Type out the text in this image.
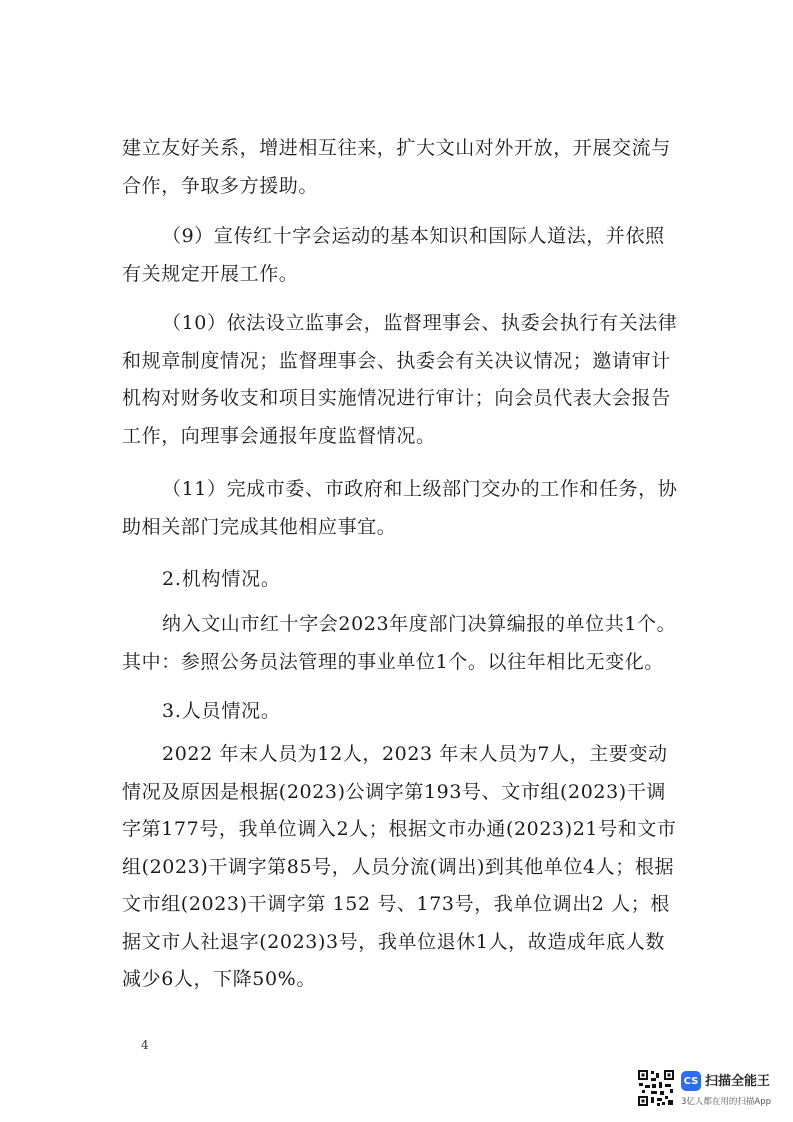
建立友好关系，增进相互往来，扩大文山对外开放，开展交流与合作，争取多方援助。

（9）宣传红十字会运动的基本知识和国际人道法，并依照有关规定开展工作。

（10）依法设立监事会，监督理事会、执委会执行有关法律和规章制度情况；监督理事会、执委会有关决议情况；邀请审计机构对财务收支和项目实施情况进行审计；向会员代表大会报告工作，向理事会通报年度监督情况。

（11）完成市委、市政府和上级部门交办的工作和任务，协助相关部门完成其他相应事宜。

2.机构情况。

纳入文山市红十字会2023年度部门决算编报的单位共1个。其中：参照公务员法管理的事业单位1个。以往年相比无变化。

3.人员情况。

2022 年末人员为12人，2023 年末人员为7人，主要变动情况及原因是根据(2023)公调字第193号、文市组(2023)干调字第177号，我单位调入2人；根据文市办通(2023)21号和文市组(2023)干调字第85号，人员分流(调出)到其他单位4人；根据文市组(2023)干调字第 152 号、173号，我单位调出2 人；根据文市人社退字(2023)3号，我单位退休1人，故造成年底人数减少6人，下降50%。

4
CS 扫描全能王
3亿人都在用的扫描App
